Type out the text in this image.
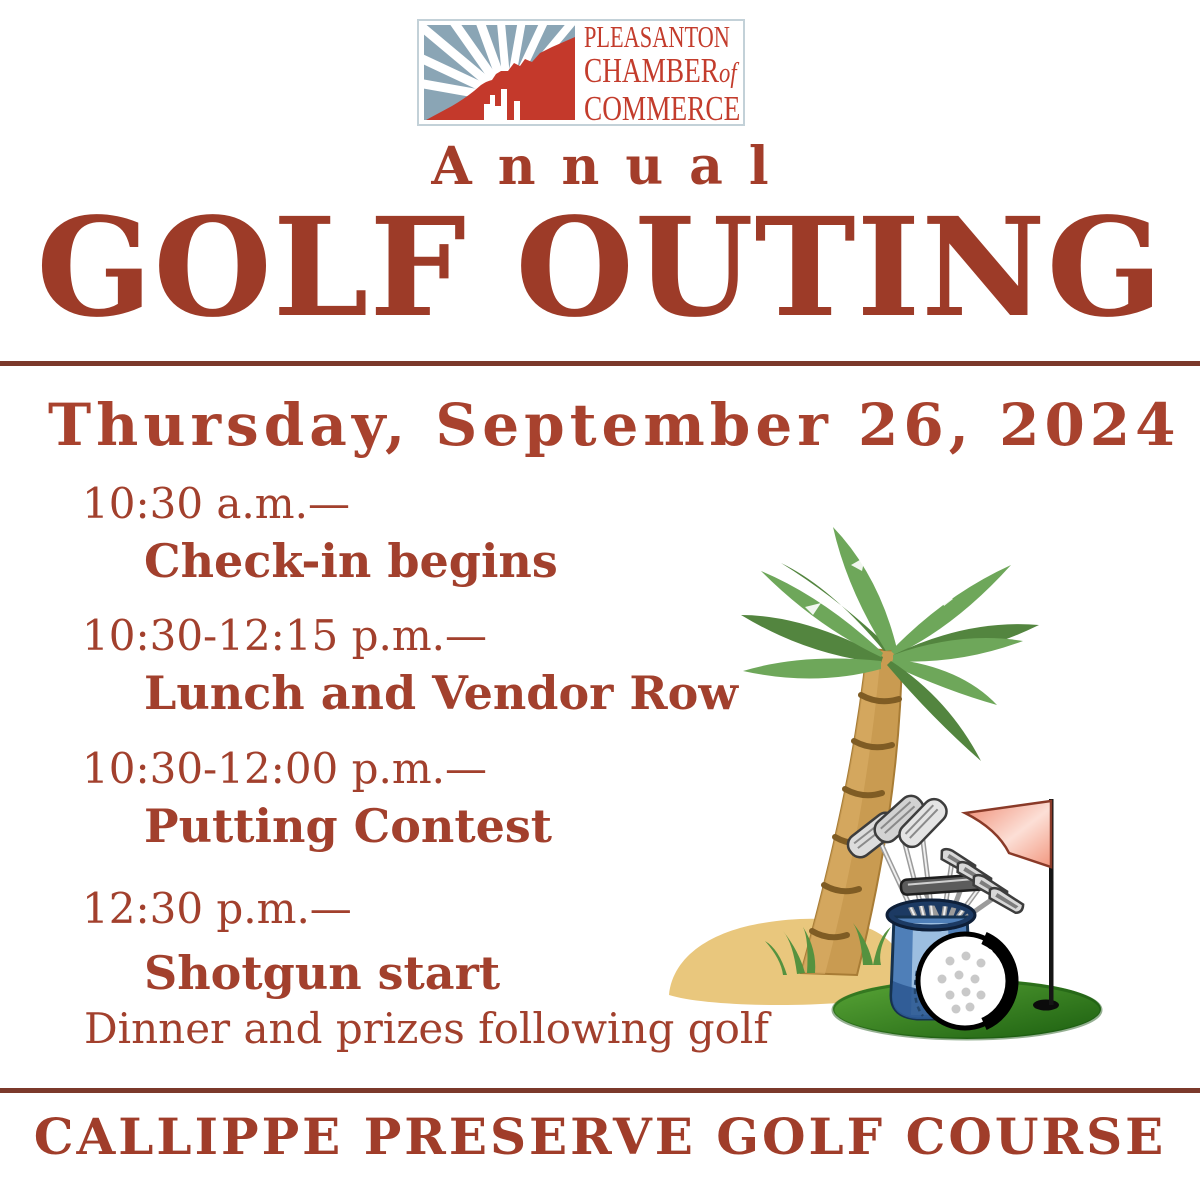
PLEASANTON
CHAMBERof
COMMERCE
Annual
GOLF OUTING
Thursday, September 26, 2024
10:30 a.m.—
Check-in begins
10:30-12:15 p.m.—
Lunch and Vendor Row
10:30-12:00 p.m.—
Putting Contest
12:30 p.m.—
Shotgun start
Dinner and prizes following golf
CALLIPPE PRESERVE GOLF COURSE
